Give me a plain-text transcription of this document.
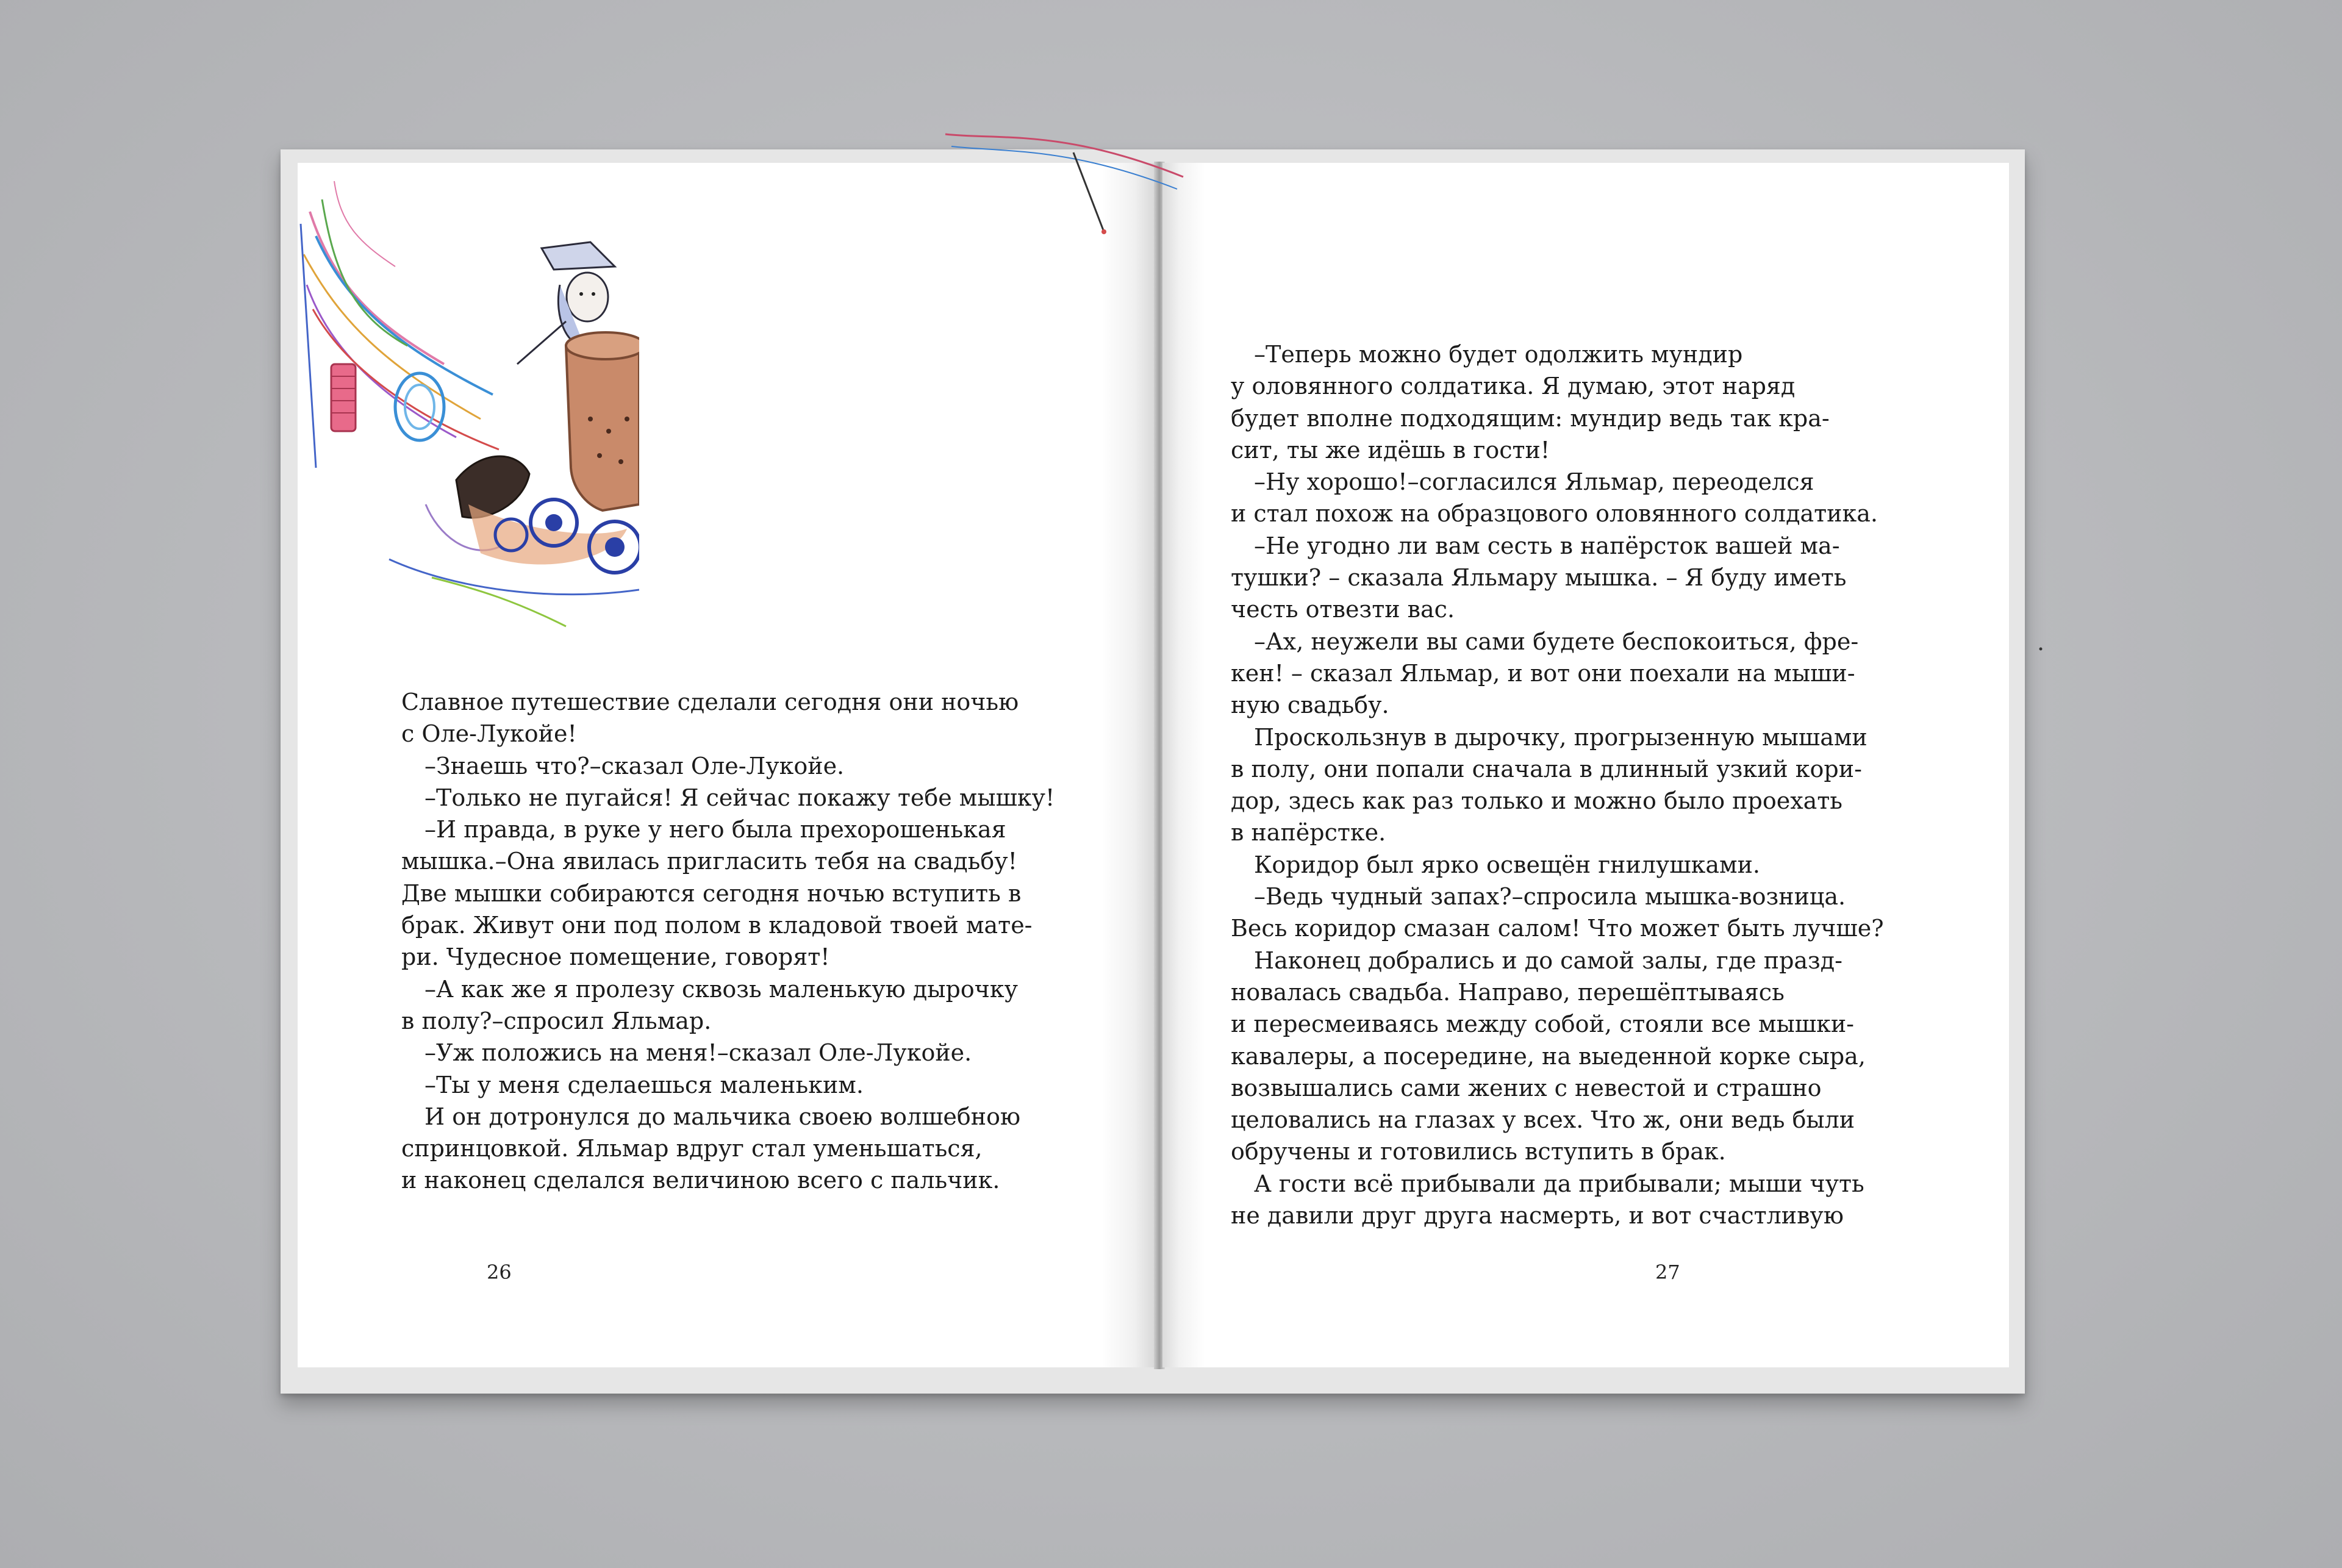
Славное путешествие сделали сегодня они ночью
с Оле-Лукойе!
–Знаешь что?–сказал Оле-Лукойе.
–Только не пугайся! Я сейчас покажу тебе мышку!
–И правда, в руке у него была прехорошенькая
мышка.–Она явилась пригласить тебя на свадьбу!
Две мышки собираются сегодня ночью вступить в
брак. Живут они под полом в кладовой твоей мате-
ри. Чудесное помещение, говорят!
–А как же я пролезу сквозь маленькую дырочку
в полу?–спросил Яльмар.
–Уж положись на меня!–сказал Оле-Лукойе.
–Ты у меня сделаешься маленьким.
И он дотронулся до мальчика своею волшебною
спринцовкой. Яльмар вдруг стал уменьшаться,
и наконец сделался величиною всего с пальчик.
26
–Теперь можно будет одолжить мундир
у оловянного солдатика. Я думаю, этот наряд
будет вполне подходящим: мундир ведь так кра-
сит, ты же идёшь в гости!
–Ну хорошо!–согласился Яльмар, переоделся
и стал похож на образцового оловянного солдатика.
–Не угодно ли вам сесть в напёрсток вашей ма-
тушки? – сказала Яльмару мышка. – Я буду иметь
честь отвезти вас.
–Ах, неужели вы сами будете беспокоиться, фре-
кен! – сказал Яльмар, и вот они поехали на мыши-
ную свадьбу.
Проскользнув в дырочку, прогрызенную мышами
в полу, они попали сначала в длинный узкий кори-
дор, здесь как раз только и можно было проехать
в напёрстке.
Коридор был ярко освещён гнилушками.
–Ведь чудный запах?–спросила мышка-возница.
Весь коридор смазан салом! Что может быть лучше?
Наконец добрались и до самой залы, где празд-
новалась свадьба. Направо, перешёптываясь
и пересмеиваясь между собой, стояли все мышки-
кавалеры, а посередине, на выеденной корке сыра,
возвышались сами жених с невестой и страшно
целовались на глазах у всех. Что ж, они ведь были
обручены и готовились вступить в брак.
А гости всё прибывали да прибывали; мыши чуть
не давили друг друга насмерть, и вот счастливую
27
